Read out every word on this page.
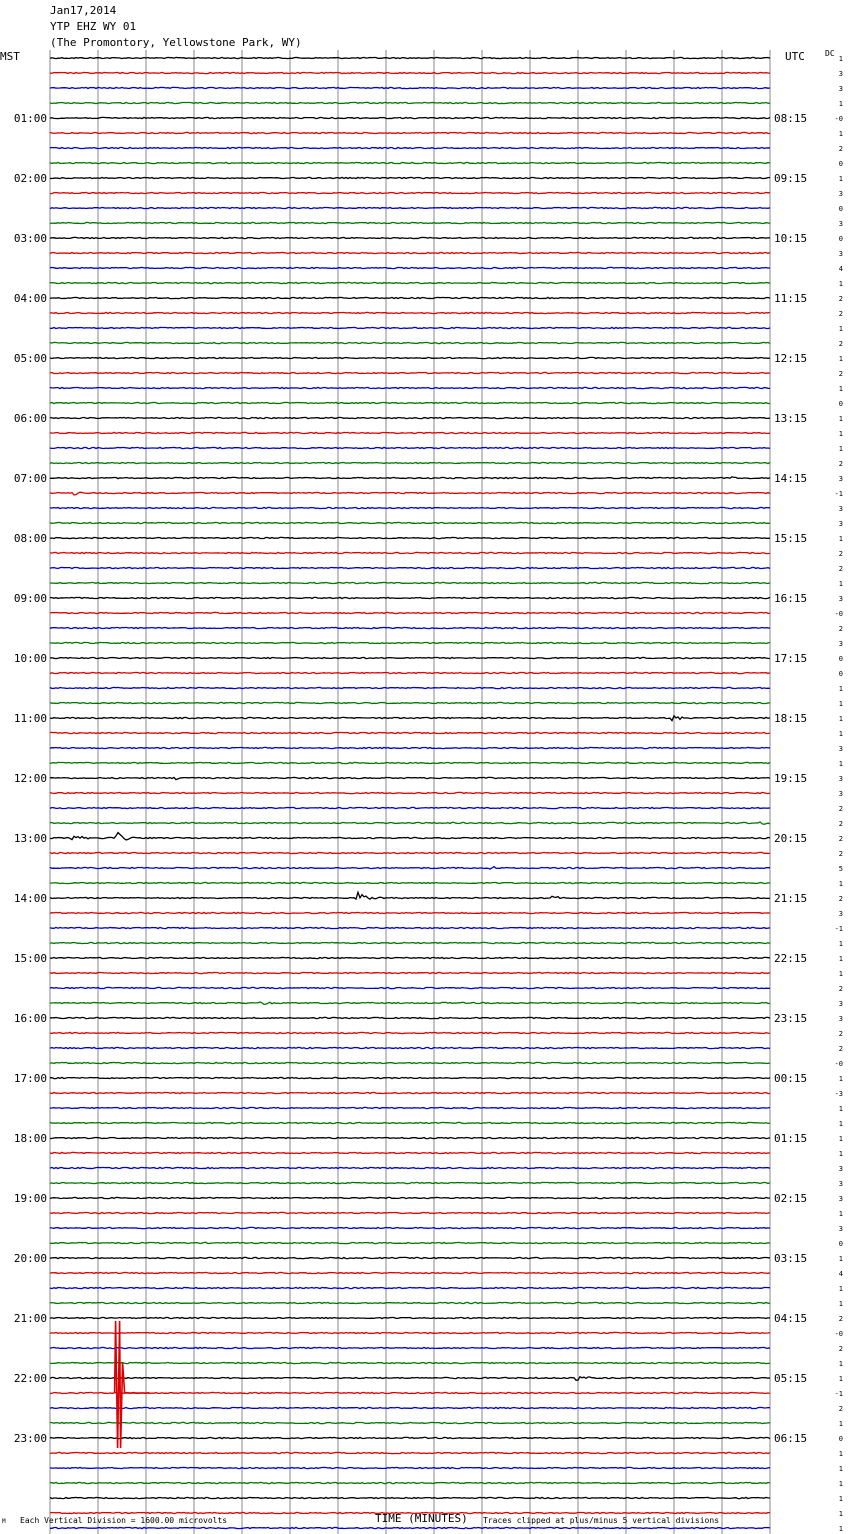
Jan17,2014
YTP EHZ WY 01
(The Promontory, Yellowstone Park, WY)
MST	UTC	DC
01:00
02:00
03:00
04:00
05:00
06:00
07:00
08:00
09:00
10:00
11:00
12:00
13:00
14:00
15:00
16:00
17:00
18:00
19:00
20:00
21:00
22:00
23:00
08:15
09:15
10:15
11:15
12:15
13:15
14:15
15:15
16:15
17:15
18:15
19:15
20:15
21:15
22:15
23:15
00:15
01:15
02:15
03:15
04:15
05:15
06:15
1
3
3
1
-0
1
2
0
1
3
0
3
0
3
4
1
2
2
1
2
1
2
1
0
1
1
1
2
3
-1
3
3
1
2
2
1
3
-0
2
3
0
0
1
1
1
1
3
1
3
3
2
2
2
2
5
1
2
3
-1
1
1
1
2
3
3
2
2
-0
1
-3
1
1
1
1
3
3
3
1
3
0
1
4
1
1
2
-0
2
1
1
-1
2
1
0
1
1
1
1
1
1
Each Vertical Division = 1600.00 microvolts	TIME (MINUTES) Traces clipped at plus/minus 5 vertical divisions
M
